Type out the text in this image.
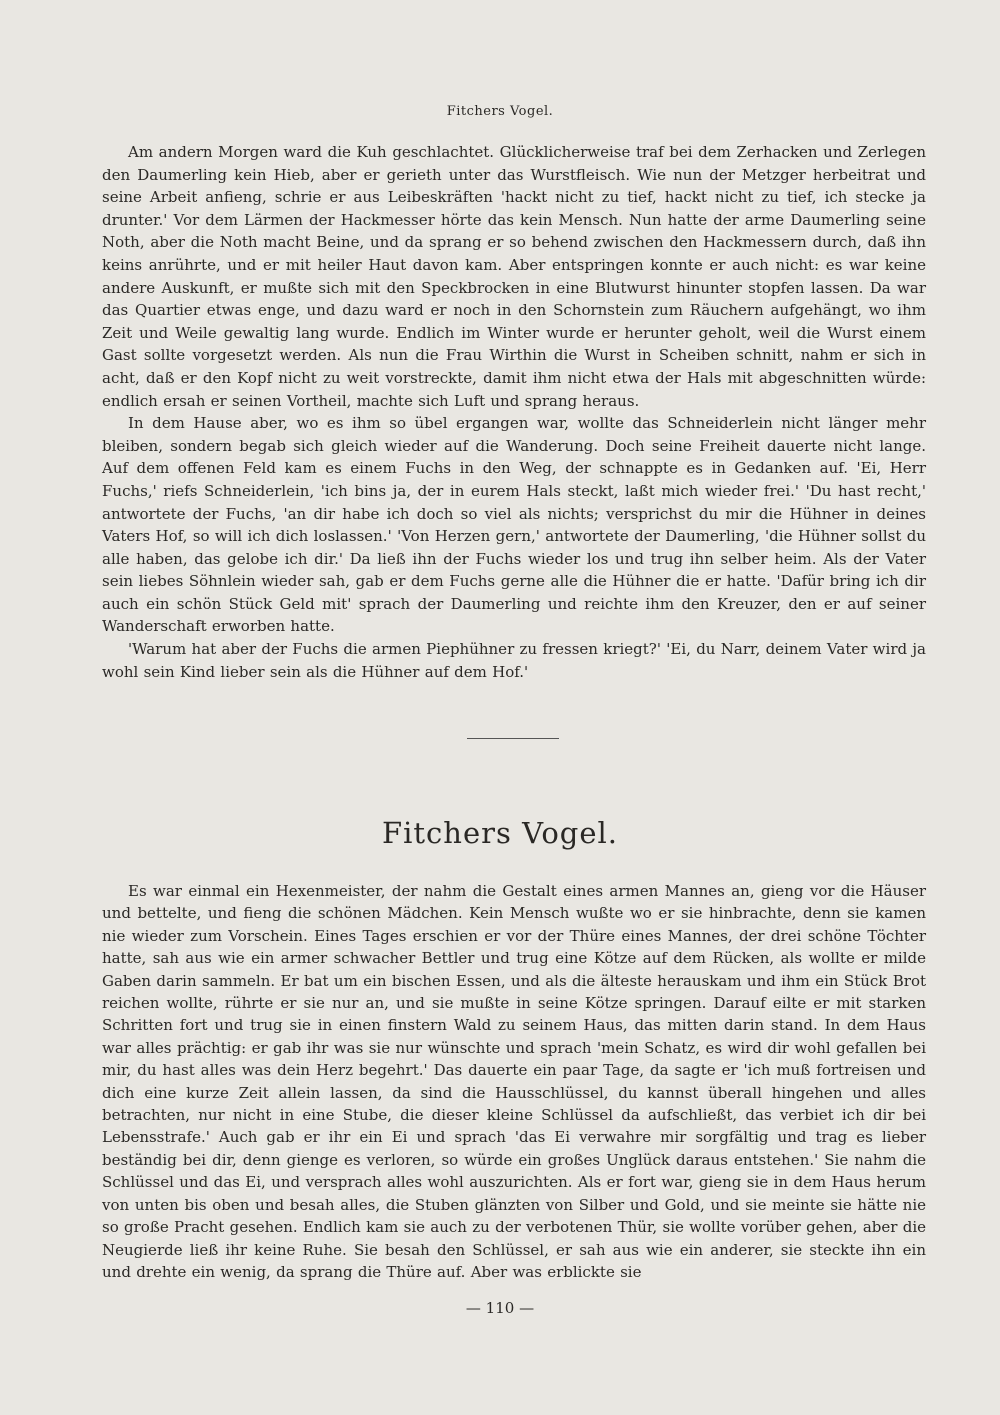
Fitchers Vogel.

Am andern Morgen ward die Kuh geschlachtet. Glücklicherweise traf bei dem Zerhacken und Zerlegen den Daumerling kein Hieb, aber er gerieth unter das Wurstfleisch. Wie nun der Metzger herbeitrat und seine Arbeit anfieng, schrie er aus Leibeskräften 'hackt nicht zu tief, hackt nicht zu tief, ich stecke ja drunter.' Vor dem Lärmen der Hackmesser hörte das kein Mensch. Nun hatte der arme Daumerling seine Noth, aber die Noth macht Beine, und da sprang er so behend zwischen den Hackmessern durch, daß ihn keins anrührte, und er mit heiler Haut davon kam. Aber entspringen konnte er auch nicht: es war keine andere Auskunft, er mußte sich mit den Speckbrocken in eine Blutwurst hinunter stopfen lassen. Da war das Quartier etwas enge, und dazu ward er noch in den Schornstein zum Räuchern aufgehängt, wo ihm Zeit und Weile gewaltig lang wurde. Endlich im Winter wurde er herunter geholt, weil die Wurst einem Gast sollte vorgesetzt werden. Als nun die Frau Wirthin die Wurst in Scheiben schnitt, nahm er sich in acht, daß er den Kopf nicht zu weit vorstreckte, damit ihm nicht etwa der Hals mit abgeschnitten würde: endlich ersah er seinen Vortheil, machte sich Luft und sprang heraus.

In dem Hause aber, wo es ihm so übel ergangen war, wollte das Schneiderlein nicht länger mehr bleiben, sondern begab sich gleich wieder auf die Wanderung. Doch seine Freiheit dauerte nicht lange. Auf dem offenen Feld kam es einem Fuchs in den Weg, der schnappte es in Gedanken auf. 'Ei, Herr Fuchs,' riefs Schneiderlein, 'ich bins ja, der in eurem Hals steckt, laßt mich wieder frei.' 'Du hast recht,' antwortete der Fuchs, 'an dir habe ich doch so viel als nichts; versprichst du mir die Hühner in deines Vaters Hof, so will ich dich loslassen.' 'Von Herzen gern,' antwortete der Daumerling, 'die Hühner sollst du alle haben, das gelobe ich dir.' Da ließ ihn der Fuchs wieder los und trug ihn selber heim. Als der Vater sein liebes Söhnlein wieder sah, gab er dem Fuchs gerne alle die Hühner die er hatte. 'Dafür bring ich dir auch ein schön Stück Geld mit' sprach der Daumerling und reichte ihm den Kreuzer, den er auf seiner Wanderschaft erworben hatte.

'Warum hat aber der Fuchs die armen Piephühner zu fressen kriegt?' 'Ei, du Narr, deinem Vater wird ja wohl sein Kind lieber sein als die Hühner auf dem Hof.'

Fitchers Vogel.

Es war einmal ein Hexenmeister, der nahm die Gestalt eines armen Mannes an, gieng vor die Häuser und bettelte, und fieng die schönen Mädchen. Kein Mensch wußte wo er sie hinbrachte, denn sie kamen nie wieder zum Vorschein. Eines Tages erschien er vor der Thüre eines Mannes, der drei schöne Töchter hatte, sah aus wie ein armer schwacher Bettler und trug eine Kötze auf dem Rücken, als wollte er milde Gaben darin sammeln. Er bat um ein bischen Essen, und als die älteste herauskam und ihm ein Stück Brot reichen wollte, rührte er sie nur an, und sie mußte in seine Kötze springen. Darauf eilte er mit starken Schritten fort und trug sie in einen finstern Wald zu seinem Haus, das mitten darin stand. In dem Haus war alles prächtig: er gab ihr was sie nur wünschte und sprach 'mein Schatz, es wird dir wohl gefallen bei mir, du hast alles was dein Herz begehrt.' Das dauerte ein paar Tage, da sagte er 'ich muß fortreisen und dich eine kurze Zeit allein lassen, da sind die Hausschlüssel, du kannst überall hingehen und alles betrachten, nur nicht in eine Stube, die dieser kleine Schlüssel da aufschließt, das verbiet ich dir bei Lebensstrafe.' Auch gab er ihr ein Ei und sprach 'das Ei verwahre mir sorgfältig und trag es lieber beständig bei dir, denn gienge es verloren, so würde ein großes Unglück daraus entstehen.' Sie nahm die Schlüssel und das Ei, und versprach alles wohl auszurichten. Als er fort war, gieng sie in dem Haus herum von unten bis oben und besah alles, die Stuben glänzten von Silber und Gold, und sie meinte sie hätte nie so große Pracht gesehen. Endlich kam sie auch zu der verbotenen Thür, sie wollte vorüber gehen, aber die Neugierde ließ ihr keine Ruhe. Sie besah den Schlüssel, er sah aus wie ein anderer, sie steckte ihn ein und drehte ein wenig, da sprang die Thüre auf. Aber was erblickte sie

— 110 —
